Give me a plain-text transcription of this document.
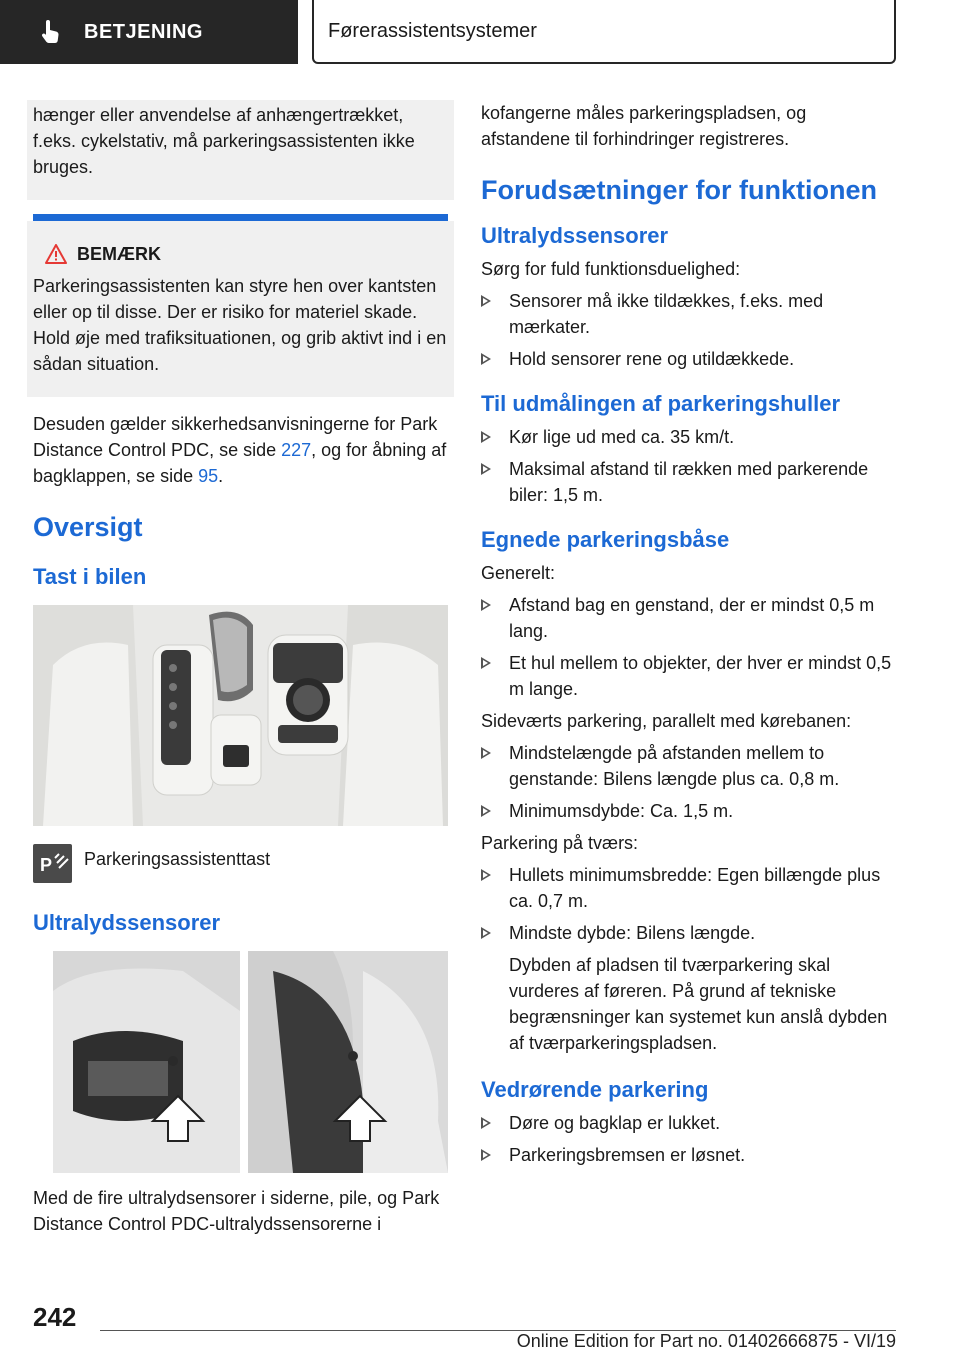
BETJENING	Førerassistentsystemer

hænger eller anvendelse af anhængertrækket, f.eks. cykelstativ, må parkeringsassistenten ikke bruges.

BEMÆRK

Parkeringsassistenten kan styre hen over kantsten eller op til disse. Der er risiko for materiel skade. Hold øje med trafiksituationen, og grib aktivt ind i en sådan situation.

Desuden gælder sikkerhedsanvisningerne for Park Distance Control PDC, se side 227, og for åbning af bagklappen, se side 95.

Oversigt
Tast i bilen
P Parkeringsassistenttast
Ultralydssensorer

Med de fire ultralydsensorer i siderne, pile, og Park Distance Control PDC-ultralydssensorerne i

kofangerne måles parkeringspladsen, og afstandene til forhindringer registreres.

Forudsætninger for funktionen
Ultralydssensorer

Sørg for fuld funktionsduelighed:

Sensorer må ikke tildækkes, f.eks. med mærkater.
Hold sensorer rene og utildækkede.
Til udmålingen af parkeringshuller
Kør lige ud med ca. 35 km/t.
Maksimal afstand til rækken med parkerende biler: 1,5 m.
Egnede parkeringsbåse

Generelt:

Afstand bag en genstand, der er mindst 0,5 m lang.
Et hul mellem to objekter, der hver er mindst 0,5 m lange.

Sideværts parkering, parallelt med kørebanen:

Mindstelængde på afstanden mellem to genstande: Bilens længde plus ca. 0,8 m.
Minimumsdybde: Ca. 1,5 m.

Parkering på tværs:

Hullets minimumsbredde: Egen billængde plus ca. 0,7 m.
Mindste dybde: Bilens længde.

Dybden af pladsen til tværparkering skal vurderes af føreren. På grund af tekniske begrænsninger kan systemet kun anslå dybden af tværparkeringspladsen.

Vedrørende parkering
Døre og bagklap er lukket.
Parkeringsbremsen er løsnet.
242
Online Edition for Part no. 01402666875 - VI/19
